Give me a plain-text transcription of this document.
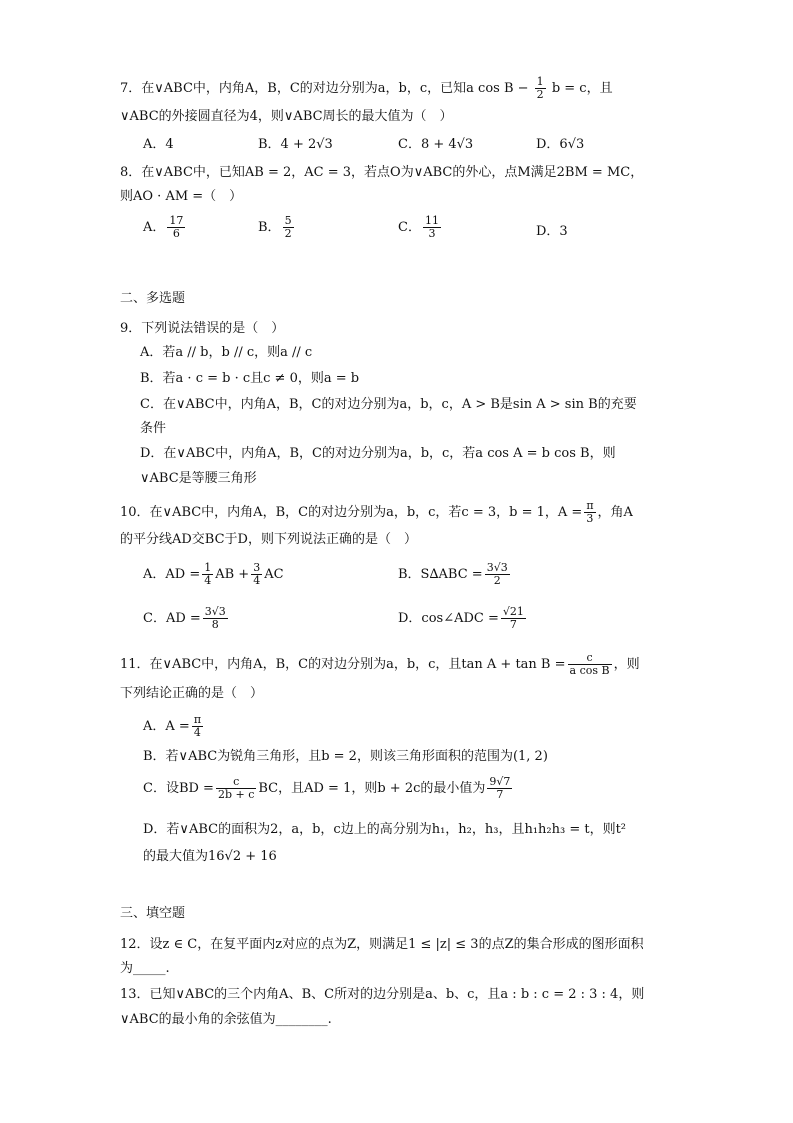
7．在∨ABC中，内角A，B，C的对边分别为a，b，c，已知a $\cos B - \frac{1}{2}$ b = c，且
∨ABC的外接圆直径为4，则∨ABC周长的最大值为（　）
A．4	B．4 + 2√3	C．8 + 4√3	D．6√3
8．在∨ABC中，已知AB = 2，AC = 3，若点O为∨ABC的外心，点M满足2BM = MC，
则AO · AM =（　）
A． $\frac{17}{6}$	B． $\frac{5}{2}$	C． $\frac{11}{3}$	D．3
二、多选题
9．下列说法错误的是（　）
A．若a // b，b // c，则a // c
B．若a · c = b · c且c ≠ 0，则a = b
C．在∨ABC中，内角A，B，C的对边分别为a，b，c，A > B是sin A > sin B的充要
条件
D．在∨ABC中，内角A，B，C的对边分别为a，b，c，若a cos A = b cos B，则
∨ABC是等腰三角形
10．在∨ABC中，内角A，B，C的对边分别为a，b，c，若c = 3，b = 1，$A = \frac{\pi}{3}$ ，角A
的平分线AD交BC于D，则下列说法正确的是（　）
A．AD = $\frac{1}{4}$ AB + $\frac{3}{4}$ AC	B．$S\Delta ABC = \frac{3√3}{2}$
C．AD = $\frac{3√3}{8}$	D．cos∠ADC = $\frac{√21}{7}$
11．在∨ABC中，内角A，B，C的对边分别为a，b，c，且$\tan A + \tan B = \frac{c}{\text{a cos B}}$ ，则
下列结论正确的是（　）
A．$A = \frac{\pi}{4}$
B．若∨ABC为锐角三角形，且b = 2，则该三角形面积的范围为(1, 2)
C．设BD = $\frac{c}{2b + c}$ BC，且AD = 1，则b + 2c的最小值为 $\frac{9√7}{7}$
D．若∨ABC的面积为2，a，b，c边上的高分别为h₁，h₂，h₃，且h₁h₂h₃ = t，则t²
的最大值为16√2 + 16
三、填空题
12．设z ∈ C，在复平面内z对应的点为Z，则满足1 ≤ |z| ≤ 3的点Z的集合形成的图形面积
为_____.
13．已知∨ABC的三个内角A、B、C所对的边分别是a、b、c，且a : b : c = 2 : 3 : 4，则
∨ABC的最小角的余弦值为________.
